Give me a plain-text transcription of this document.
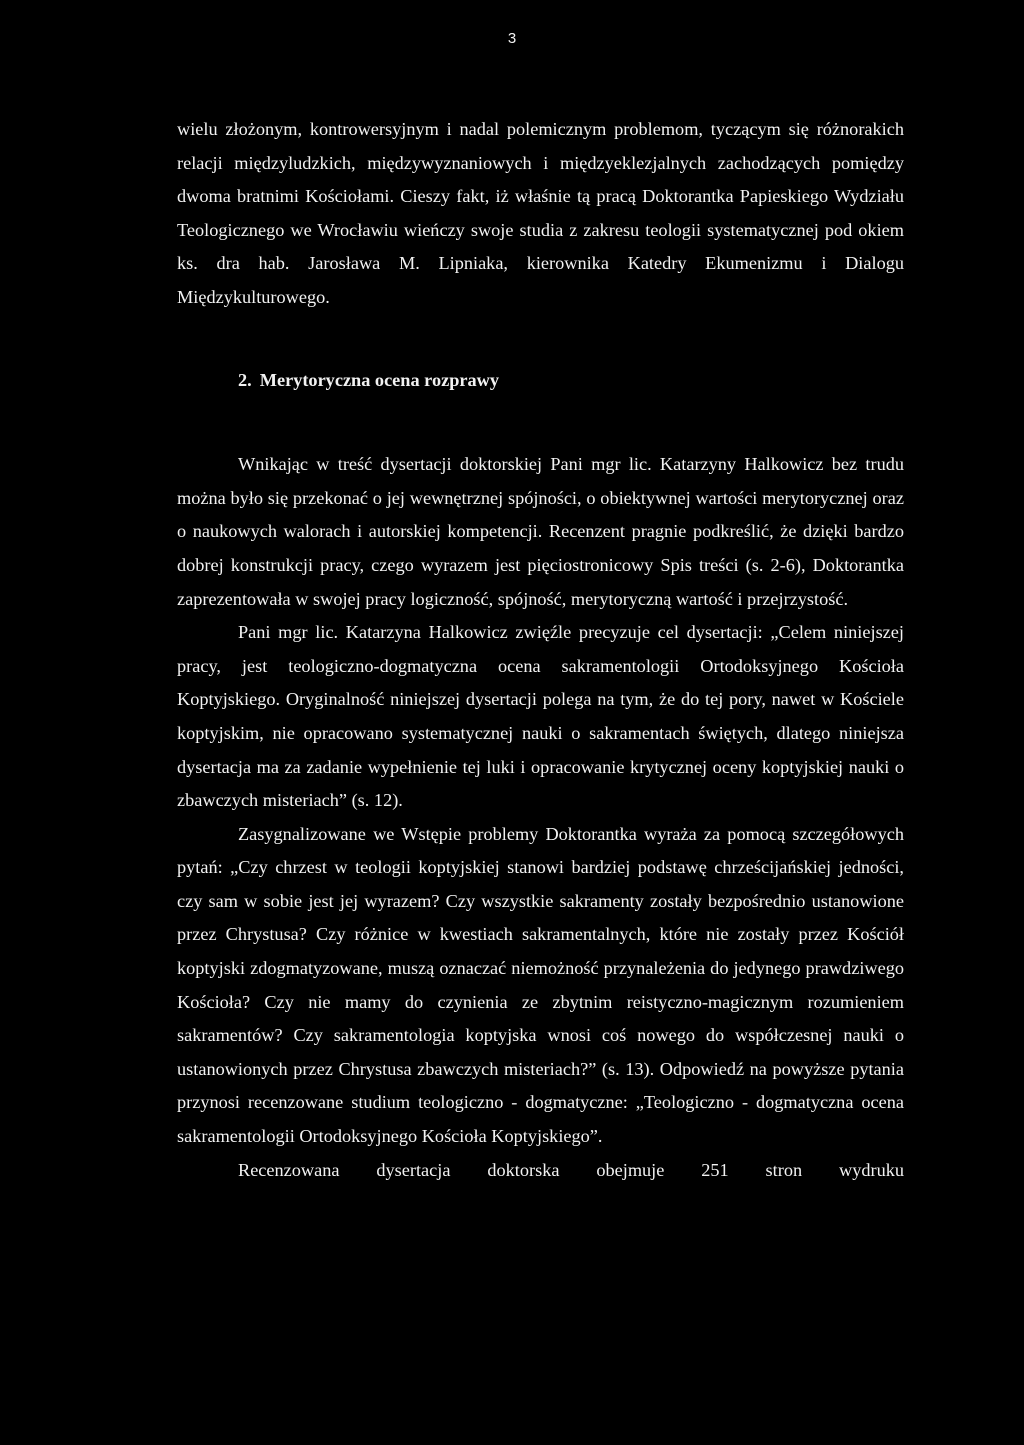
3

wielu złożonym, kontrowersyjnym i nadal polemicznym problemom, tyczącym się różnorakich relacji międzyludzkich, międzywyznaniowych i międzyeklezjalnych zachodzących pomiędzy dwoma bratnimi Kościołami. Cieszy fakt, iż właśnie tą pracą Doktorantka Papieskiego Wydziału Teologicznego we Wrocławiu wieńczy swoje studia z zakresu teologii systematycznej pod okiem ks. dra hab. Jarosława M. Lipniaka, kierownika Katedry Ekumenizmu i Dialogu Międzykulturowego.

2. Merytoryczna ocena rozprawy

Wnikając w treść dysertacji doktorskiej Pani mgr lic. Katarzyny Halkowicz bez trudu można było się przekonać o jej wewnętrznej spójności, o obiektywnej wartości merytorycznej oraz o naukowych walorach i autorskiej kompetencji. Recenzent pragnie podkreślić, że dzięki bardzo dobrej konstrukcji pracy, czego wyrazem jest pięciostronicowy Spis treści (s. 2-6), Doktorantka zaprezentowała w swojej pracy logiczność, spójność, merytoryczną wartość i przejrzystość.

Pani mgr lic. Katarzyna Halkowicz zwięźle precyzuje cel dysertacji: „Celem niniejszej pracy, jest teologiczno-dogmatyczna ocena sakramentologii Ortodoksyjnego Kościoła Koptyjskiego. Oryginalność niniejszej dysertacji polega na tym, że do tej pory, nawet w Kościele koptyjskim, nie opracowano systematycznej nauki o sakramentach świętych, dlatego niniejsza dysertacja ma za zadanie wypełnienie tej luki i opracowanie krytycznej oceny koptyjskiej nauki o zbawczych misteriach” (s. 12).

Zasygnalizowane we Wstępie problemy Doktorantka wyraża za pomocą szczegółowych pytań: „Czy chrzest w teologii koptyjskiej stanowi bardziej podstawę chrześcijańskiej jedności, czy sam w sobie jest jej wyrazem? Czy wszystkie sakramenty zostały bezpośrednio ustanowione przez Chrystusa? Czy różnice w kwestiach sakramentalnych, które nie zostały przez Kościół koptyjski zdogmatyzowane, muszą oznaczać niemożność przynależenia do jedynego prawdziwego Kościoła? Czy nie mamy do czynienia ze zbytnim reistyczno-magicznym rozumieniem sakramentów? Czy sakramentologia koptyjska wnosi coś nowego do współczesnej nauki o ustanowionych przez Chrystusa zbawczych misteriach?” (s. 13). Odpowiedź na powyższe pytania przynosi recenzowane studium teologiczno - dogmatyczne: „Teologiczno - dogmatyczna ocena sakramentologii Ortodoksyjnego Kościoła Koptyjskiego”.

Recenzowana dysertacja doktorska obejmuje 251 stron wydruku
